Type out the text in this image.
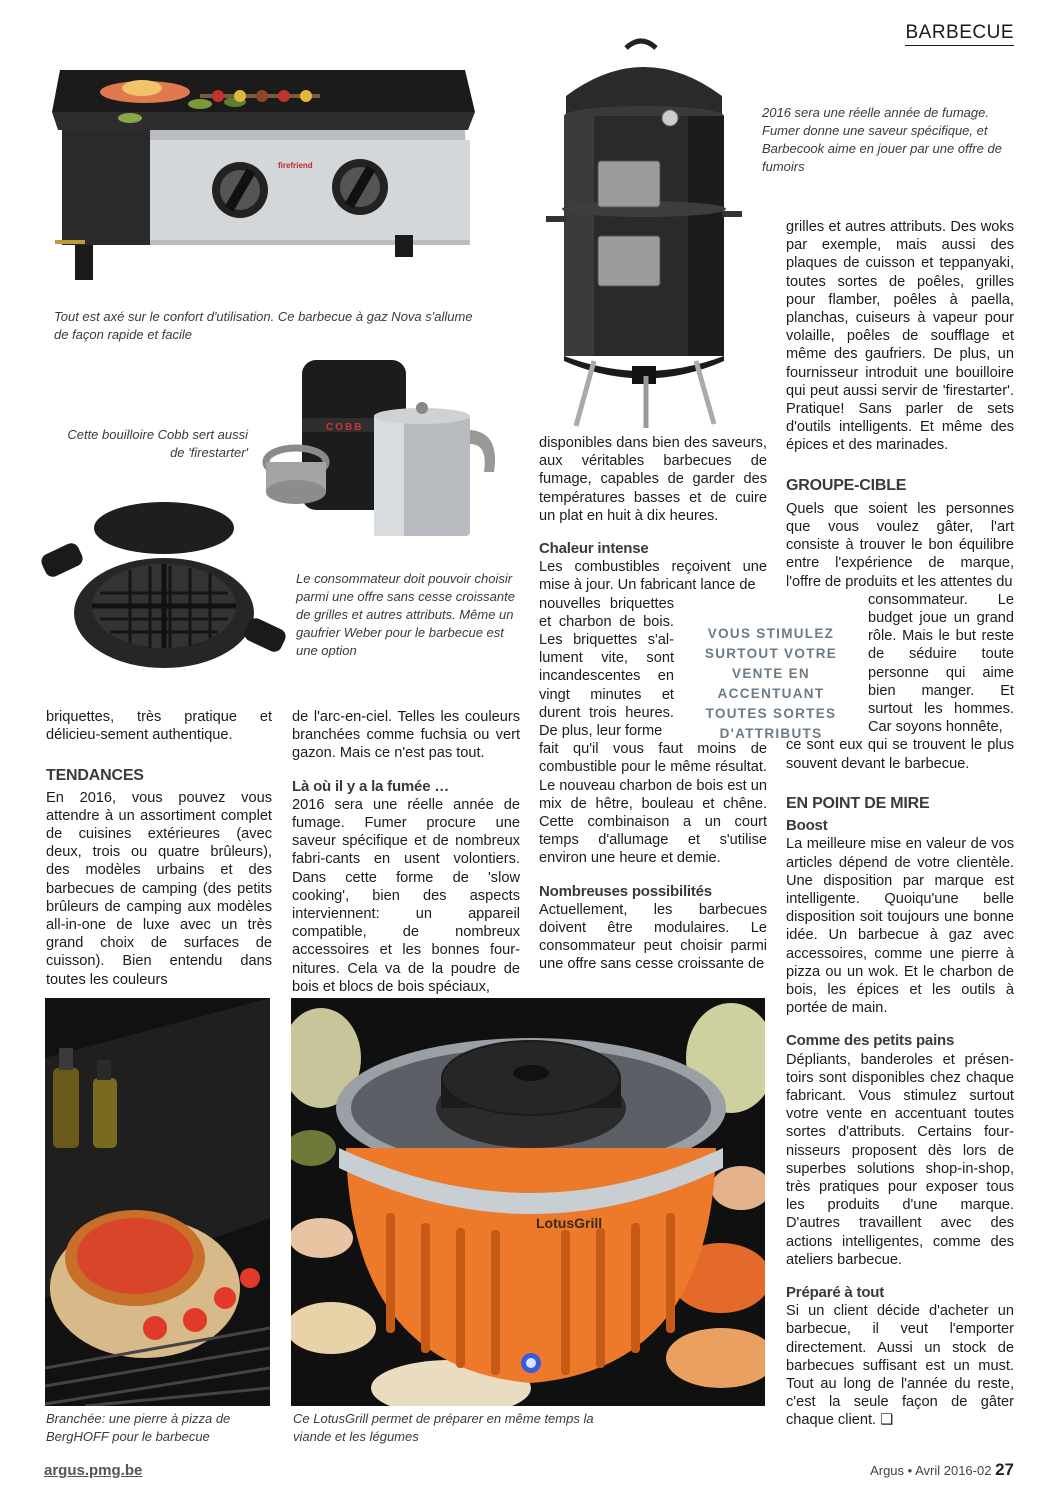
BARBECUE
firefriend
Tout est axé sur le confort d'utilisation. Ce barbecue à gaz Nova s'allume de façon rapide et facile
2016 sera une réelle année de fumage. Fumer donne une saveur spécifique, et Barbecook aime en jouer par une offre de fumoirs
COBB
Cette bouilloire Cobb sert aussi de 'firestarter'
Le consommateur doit pouvoir choisir parmi une offre sans cesse croissante de grilles et autres attributs. Même un gaufrier Weber pour le barbecue est une option

briquettes, très pratique et délicieu-sement authentique.

TENDANCES

En 2016, vous pouvez vous attendre à un assortiment complet de cuisines extérieures (avec deux, trois ou quatre brûleurs), des modèles urbains et des barbecues de camping (des petits brûleurs de camping aux modèles all-in-one de luxe avec un très grand choix de surfaces de cuisson). Bien entendu dans toutes les couleurs

de l'arc-en-ciel. Telles les couleurs branchées comme fuchsia ou vert gazon. Mais ce n'est pas tout.

Là où il y a la fumée …

2016 sera une réelle année de fumage. Fumer procure une saveur spécifique et de nombreux fabri-cants en usent volontiers. Dans cette forme de 'slow cooking', bien des aspects interviennent: un appareil compatible, de nombreux accessoires et les bonnes four-nitures. Cela va de la poudre de bois et blocs de bois spéciaux,

disponibles dans bien des saveurs, aux véritables barbecues de fumage, capables de garder des températures basses et de cuire un plat en huit à dix heures.

Chaleur intense

Les combustibles reçoivent une mise à jour. Un fabricant lance de

nouvelles briquettes et charbon de bois. Les briquettes s'al-lument vite, sont incandescentes en vingt minutes et durent trois heures. De plus, leur forme

fait qu'il vous faut moins de combustible pour le même résultat. Le nouveau charbon de bois est un mix de hêtre, bouleau et chêne. Cette combinaison a un court temps d'allumage et s'utilise environ une heure et demie.

Nombreuses possibilités

Actuellement, les barbecues doivent être modulaires. Le consommateur peut choisir parmi une offre sans cesse croissante de

VOUS STIMULEZ SURTOUT VOTRE VENTE EN ACCENTUANT TOUTES SORTES D'ATTRIBUTS

grilles et autres attributs. Des woks par exemple, mais aussi des plaques de cuisson et teppanyaki, toutes sortes de poêles, grilles pour flamber, poêles à paella, planchas, cuiseurs à vapeur pour volaille, poêles de soufflage et même des gaufriers. De plus, un fournisseur introduit une bouilloire qui peut aussi servir de 'firestarter'. Pratique! Sans parler de sets d'outils intelligents. Et même des épices et des marinades.

GROUPE-CIBLE

Quels que soient les personnes que vous voulez gâter, l'art consiste à trouver le bon équilibre entre l'expérience de marque, l'offre de produits et les attentes du

consommateur. Le budget joue un grand rôle. Mais le but reste de séduire toute personne qui aime bien manger. Et surtout les hommes. Car soyons honnête,

ce sont eux qui se trouvent le plus souvent devant le barbecue.

EN POINT DE MIRE
Boost

La meilleure mise en valeur de vos articles dépend de votre clientèle. Une disposition par marque est intelligente. Quoiqu'une belle disposition soit toujours une bonne idée. Un barbecue à gaz avec accessoires, comme une pierre à pizza ou un wok. Et le charbon de bois, les épices et les outils à portée de main.

Comme des petits pains

Dépliants, banderoles et présen-toirs sont disponibles chez chaque fabricant. Vous stimulez surtout votre vente en accentuant toutes sortes d'attributs. Certains four-nisseurs proposent dès lors de superbes solutions shop-in-shop, très pratiques pour exposer tous les produits d'une marque. D'autres travaillent avec des actions intelligentes, comme des ateliers barbecue.

Préparé à tout

Si un client décide d'acheter un barbecue, il veut l'emporter directement. Aussi un stock de barbecues suffisant est un must. Tout au long de l'année du reste, c'est la seule façon de gâter chaque client. ❑

Branchée: une pierre à pizza de BergHOFF pour le barbecue
LotusGrill
Ce LotusGrill permet de préparer en même temps la viande et les légumes
argus.pmg.be	Argus • Avril 2016-02 27
